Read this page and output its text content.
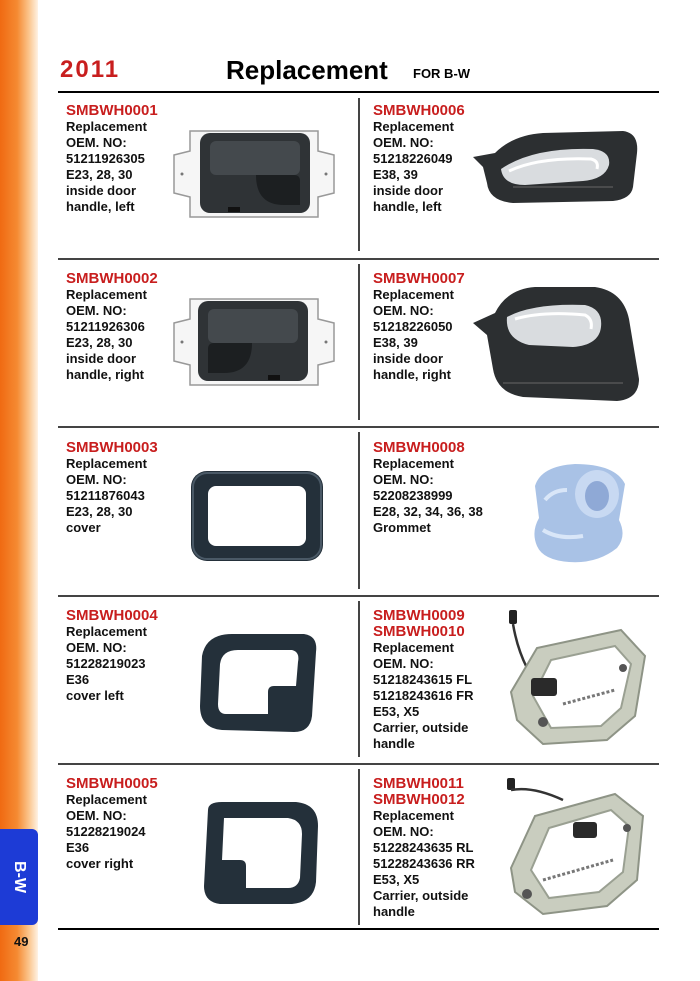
B-W
49
2011	Replacement FOR B-W
SMBWH0001
Replacement
OEM. NO:
51211926305
E23, 28, 30
inside door
handle, left
SMBWH0006
Replacement
OEM. NO:
51218226049
E38, 39
inside door
handle, left
SMBWH0002
Replacement
OEM. NO:
51211926306
E23, 28, 30
inside door
handle, right
SMBWH0007
Replacement
OEM. NO:
51218226050
E38, 39
inside door
handle, right
SMBWH0003
Replacement
OEM. NO:
51211876043
E23, 28, 30
cover
SMBWH0008
Replacement
OEM. NO:
52208238999
E28, 32, 34, 36, 38
Grommet
SMBWH0004
Replacement
OEM. NO:
51228219023
E36
cover left
SMBWH0009
SMBWH0010
Replacement
OEM. NO:
51218243615 FL
51218243616 FR
E53, X5
Carrier, outside
handle
SMBWH0005
Replacement
OEM. NO:
51228219024
E36
cover right
SMBWH0011
SMBWH0012
Replacement
OEM. NO:
51228243635 RL
51228243636 RR
E53, X5
Carrier, outside
handle
